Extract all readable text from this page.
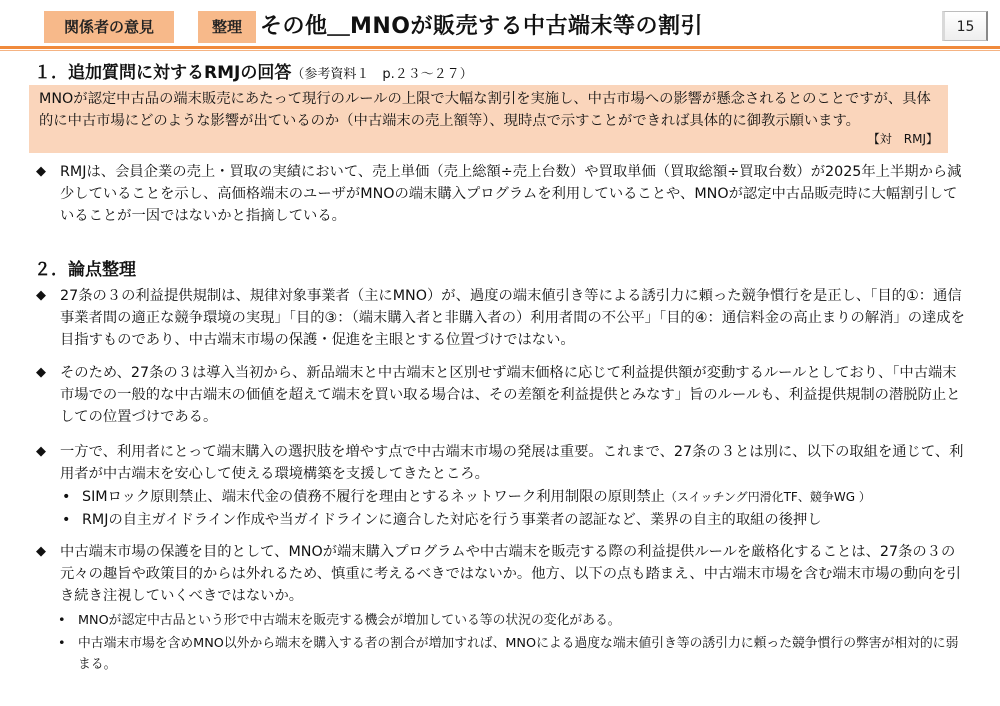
関係者の意見	整理 その他＿MNOが販売する中古端末等の割引	15
１．追加質問に対するRMJの回答（参考資料１　p.２３～２７）
MNOが認定中古品の端末販売にあたって現行のルールの上限で大幅な割引を実施し、中古市場への影響が懸念されるとのことですが、具体的に中古市場にどのような影響が出ているのか（中古端末の売上額等）、現時点で示すことができれば具体的に御教示願います。
【対　RMJ】
◆ RMJは、会員企業の売上・買取の実績において、売上単価（売上総額÷売上台数）や買取単価（買取総額÷買取台数）が2025年上半期から減少していることを示し、高価格端末のユーザがMNOの端末購入プログラムを利用していることや、MNOが認定中古品販売時に大幅割引していることが一因ではないかと指摘している。
２．論点整理
◆ 27条の３の利益提供規制は、規律対象事業者（主にMNO）が、過度の端末値引き等による誘引力に頼った競争慣行を是正し、「目的①：通信事業者間の適正な競争環境の実現」「目的③：（端末購入者と非購入者の）利用者間の不公平」「目的④：通信料金の高止まりの解消」の達成を目指すものであり、中古端末市場の保護・促進を主眼とする位置づけではない。
◆ そのため、27条の３は導入当初から、新品端末と中古端末と区別せず端末価格に応じて利益提供額が変動するルールとしており、「中古端末市場での一般的な中古端末の価値を超えて端末を買い取る場合は、その差額を利益提供とみなす」旨のルールも、利益提供規制の潜脱防止としての位置づけである。
◆ 一方で、利用者にとって端末購入の選択肢を増やす点で中古端末市場の発展は重要。これまで、27条の３とは別に、以下の取組を通じて、利用者が中古端末を安心して使える環境構築を支援してきたところ。
• SIMロック原則禁止、端末代金の債務不履行を理由とするネットワーク利用制限の原則禁止（スイッチング円滑化TF、競争WG ）
• RMJの自主ガイドライン作成や当ガイドラインに適合した対応を行う事業者の認証など、業界の自主的取組の後押し
◆ 中古端末市場の保護を目的として、MNOが端末購入プログラムや中古端末を販売する際の利益提供ルールを厳格化することは、27条の３の元々の趣旨や政策目的からは外れるため、慎重に考えるべきではないか。他方、以下の点も踏まえ、中古端末市場を含む端末市場の動向を引き続き注視していくべきではないか。
• MNOが認定中古品という形で中古端末を販売する機会が増加している等の状況の変化がある。
• 中古端末市場を含めMNO以外から端末を購入する者の割合が増加すれば、MNOによる過度な端末値引き等の誘引力に頼った競争慣行の弊害が相対的に弱まる。
